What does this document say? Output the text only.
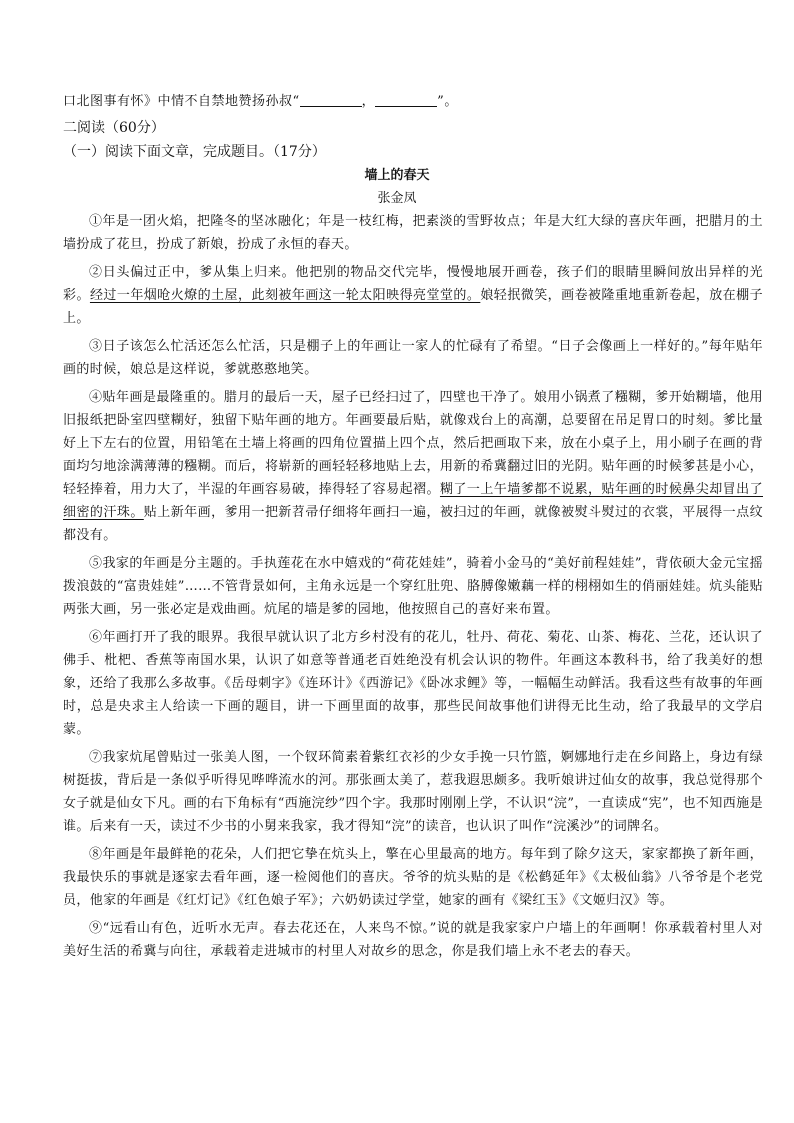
口北图事有怀》中情不自禁地赞扬孙叔“	，	”。
二阅读（60分）
（一）阅读下面文章，完成题目。（17分）
墙上的春天
张金凤

①年是一团火焰，把隆冬的坚冰融化；年是一枝红梅，把素淡的雪野妆点；年是大红大绿的喜庆年画，把腊月的土墙扮成了花旦，扮成了新娘，扮成了永恒的春天。

②日头偏过正中，爹从集上归来。他把别的物品交代完毕，慢慢地展开画卷，孩子们的眼睛里瞬间放出异样的光彩。经过一年烟呛火燎的土屋，此刻被年画这一轮太阳映得亮堂堂的。娘轻抿微笑，画卷被隆重地重新卷起，放在棚子上。

③日子该怎么忙活还怎么忙活，只是棚子上的年画让一家人的忙碌有了希望。“日子会像画上一样好的。”每年贴年画的时候，娘总是这样说，爹就憨憨地笑。

④贴年画是最隆重的。腊月的最后一天，屋子已经扫过了，四壁也干净了。娘用小锅煮了糨糊，爹开始糊墙，他用旧报纸把卧室四壁糊好，独留下贴年画的地方。年画要最后贴，就像戏台上的高潮，总要留在吊足胃口的时刻。爹比量好上下左右的位置，用铅笔在土墙上将画的四角位置描上四个点，然后把画取下来，放在小桌子上，用小刷子在画的背面均匀地涂满薄薄的糨糊。而后，将崭新的画轻轻移地贴上去，用新的希冀翻过旧的光阴。贴年画的时候爹甚是小心，轻轻捧着，用力大了，半湿的年画容易破，捧得轻了容易起褶。糊了一上午墙爹都不说累，贴年画的时候鼻尖却冒出了细密的汗珠。贴上新年画，爹用一把新苕帚仔细将年画扫一遍，被扫过的年画，就像被熨斗熨过的衣裳，平展得一点纹都没有。

⑤我家的年画是分主题的。手执莲花在水中嬉戏的“荷花娃娃”，骑着小金马的“美好前程娃娃”，背依硕大金元宝摇拨浪鼓的“富贵娃娃”……不管背景如何，主角永远是一个穿红肚兜、胳膊像嫩藕一样的栩栩如生的俏丽娃娃。炕头能贴两张大画，另一张必定是戏曲画。炕尾的墙是爹的园地，他按照自己的喜好来布置。

⑥年画打开了我的眼界。我很早就认识了北方乡村没有的花儿，牡丹、荷花、菊花、山茶、梅花、兰花，还认识了佛手、枇杷、香蕉等南国水果，认识了如意等普通老百姓绝没有机会认识的物件。年画这本教科书，给了我美好的想象，还给了我那么多故事。《岳母刺字》《连环计》《西游记》《卧冰求鲤》等，一幅幅生动鲜活。我看这些有故事的年画时，总是央求主人给读一下画的题目，讲一下画里面的故事，那些民间故事他们讲得无比生动，给了我最早的文学启蒙。

⑦我家炕尾曾贴过一张美人图，一个钗环简素着紫红衣衫的少女手挽一只竹篮，婀娜地行走在乡间路上，身边有绿树挺拔，背后是一条似乎听得见哗哗流水的河。那张画太美了，惹我遐思颇多。我听娘讲过仙女的故事，我总觉得那个女子就是仙女下凡。画的右下角标有“西施浣纱”四个字。我那时刚刚上学，不认识“浣”，一直读成“宪”，也不知西施是谁。后来有一天，读过不少书的小舅来我家，我才得知“浣”的读音，也认识了叫作“浣溪沙”的词牌名。

⑧年画是年最鲜艳的花朵，人们把它挚在炕头上，擎在心里最高的地方。每年到了除夕这天，家家都换了新年画，我最快乐的事就是逐家去看年画，逐一检阅他们的喜庆。爷爷的炕头贴的是《松鹤延年》《太极仙翁》八爷爷是个老党员，他家的年画是《红灯记》《红色娘子军》；六奶奶读过学堂，她家的画有《梁红玉》《文姬归汉》等。

⑨“远看山有色，近听水无声。春去花还在，人来鸟不惊。”说的就是我家家户户墙上的年画啊！你承载着村里人对美好生活的希冀与向往，承载着走进城市的村里人对故乡的思念，你是我们墙上永不老去的春天。
